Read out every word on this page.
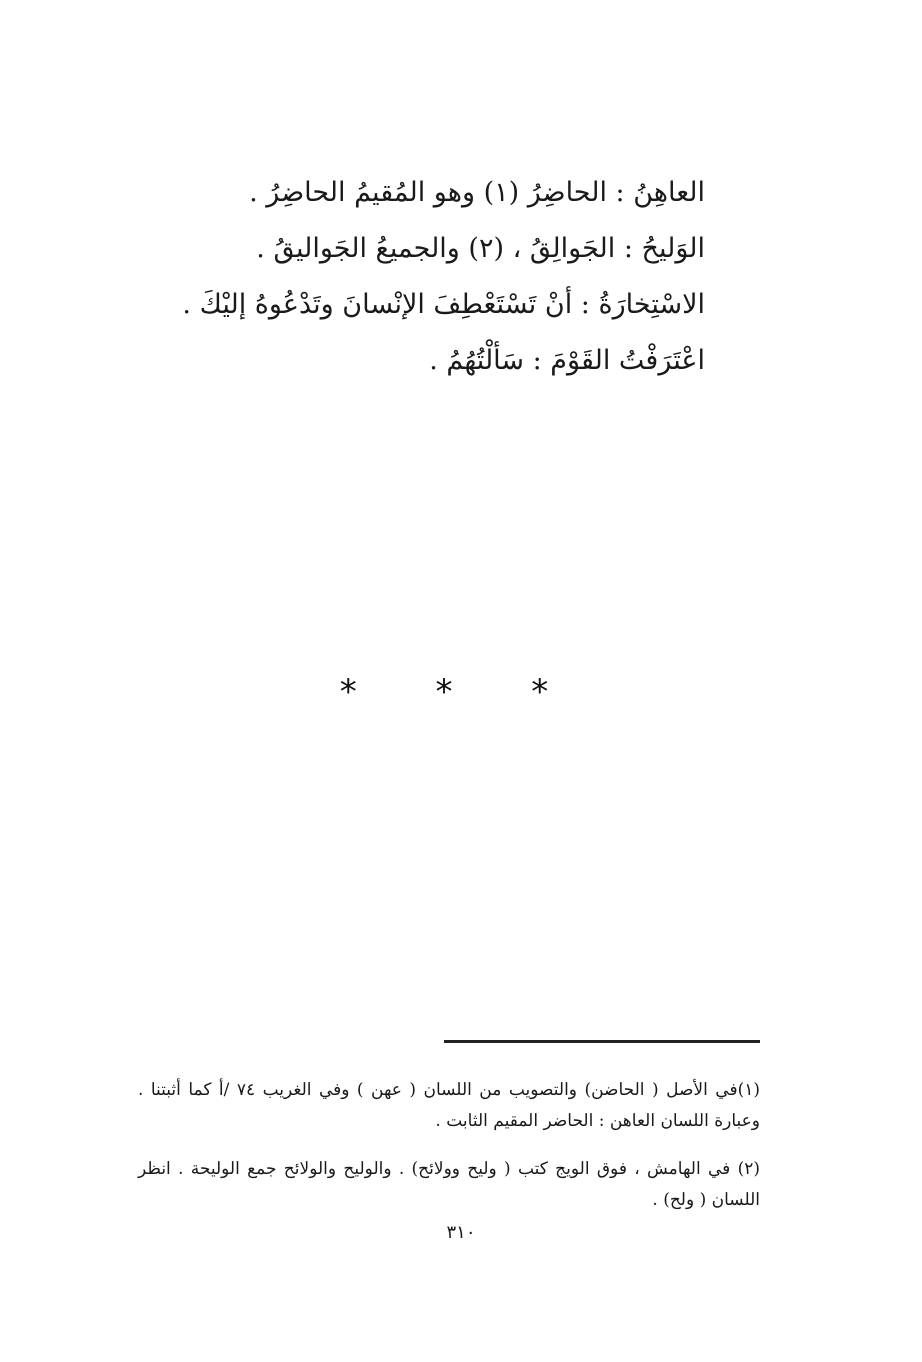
العاهِنُ : الحاضِرُ (١) وهو المُقيمُ الحاضِرُ .
الوَليحُ : الجَوالِقُ ، (٢) والجميعُ الجَواليقُ .
الاسْتِخارَةُ : أنْ تَسْتَعْطِفَ الإنْسانَ وتَدْعُوهُ إليْكَ .
اعْتَرَفْتُ القَوْمَ : سَألْتُهُمُ .
* * *

(١)في الأصل ( الحاضن) والتصويب من اللسان ( عهن ) وفي الغريب ٧٤ /أ كما أثبتنا . وعبارة اللسان العاهن : الحاضر المقيم الثابت .

(٢) في الهامش ، فوق الويج كتب ( وليح وولائح) . والوليح والولائح جمع الوليحة . انظر اللسان ( ولح) .

٣١٠
